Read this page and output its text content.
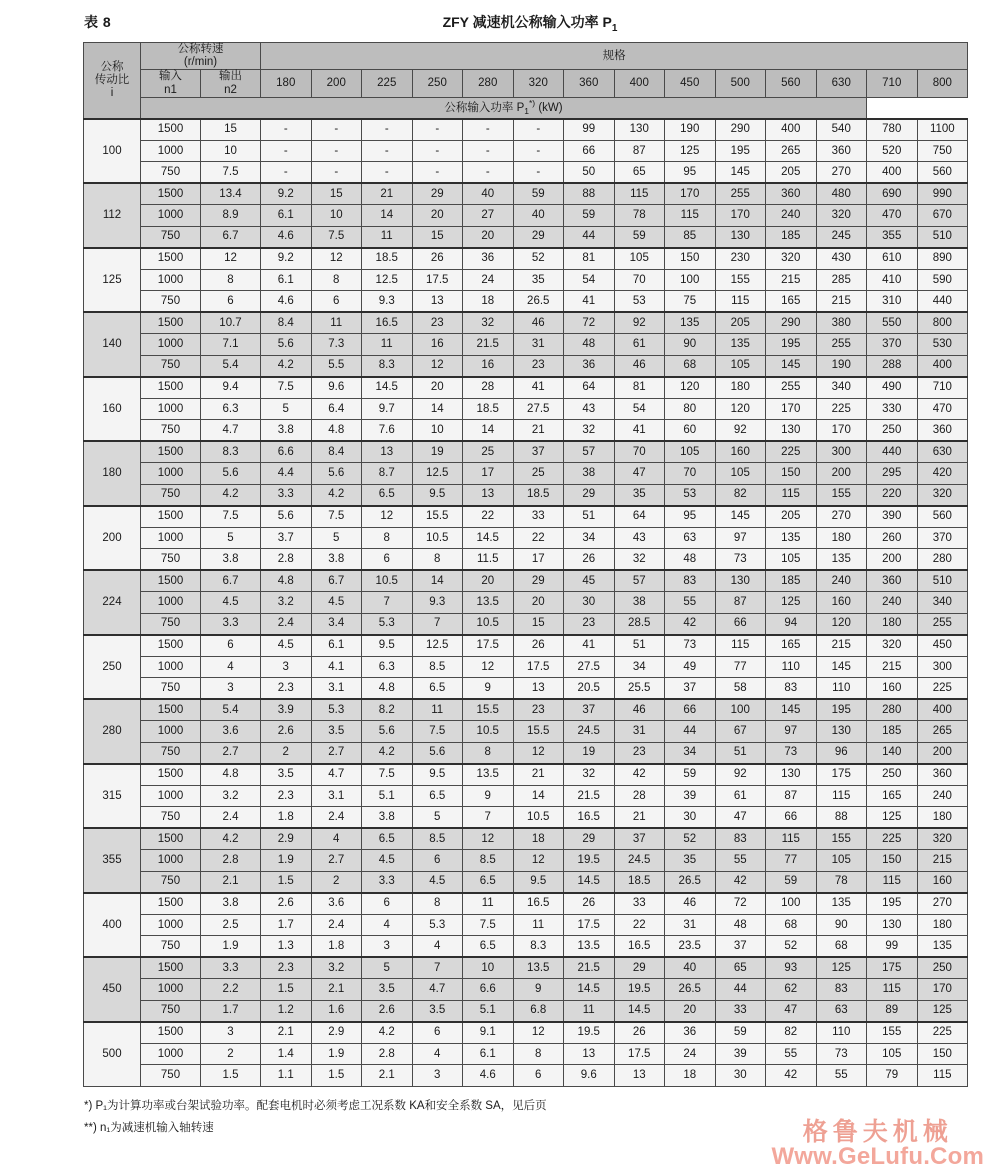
表 8	ZFY 减速机公称输入功率 $P_1$
公称
传动比
i

公称转速
(r/min)
	规格

输入
n1

输出
n2
	180	200	225	250	280	320	360	400	450	500	560	630	710	800
	公称输入功率 $P_1^{*)}$ (kW)															
100	1500	15	-	-	-	-	-	-	99	130	190	290	400	540	780	1100
	1000	10	-	-	-	-	-	-	66	87	125	195	265	360	520	750
	750	7.5	-	-	-	-	-	-	50	65	95	145	205	270	400	560
112	1500	13.4	9.2	15	21	29	40	59	88	115	170	255	360	480	690	990
	1000	8.9	6.1	10	14	20	27	40	59	78	115	170	240	320	470	670
	750	6.7	4.6	7.5	11	15	20	29	44	59	85	130	185	245	355	510
125	1500	12	9.2	12	18.5	26	36	52	81	105	150	230	320	430	610	890
	1000	8	6.1	8	12.5	17.5	24	35	54	70	100	155	215	285	410	590
	750	6	4.6	6	9.3	13	18	26.5	41	53	75	115	165	215	310	440
140	1500	10.7	8.4	11	16.5	23	32	46	72	92	135	205	290	380	550	800
	1000	7.1	5.6	7.3	11	16	21.5	31	48	61	90	135	195	255	370	530
	750	5.4	4.2	5.5	8.3	12	16	23	36	46	68	105	145	190	288	400
160	1500	9.4	7.5	9.6	14.5	20	28	41	64	81	120	180	255	340	490	710
	1000	6.3	5	6.4	9.7	14	18.5	27.5	43	54	80	120	170	225	330	470
	750	4.7	3.8	4.8	7.6	10	14	21	32	41	60	92	130	170	250	360
180	1500	8.3	6.6	8.4	13	19	25	37	57	70	105	160	225	300	440	630
	1000	5.6	4.4	5.6	8.7	12.5	17	25	38	47	70	105	150	200	295	420
	750	4.2	3.3	4.2	6.5	9.5	13	18.5	29	35	53	82	115	155	220	320
200	1500	7.5	5.6	7.5	12	15.5	22	33	51	64	95	145	205	270	390	560
	1000	5	3.7	5	8	10.5	14.5	22	34	43	63	97	135	180	260	370
	750	3.8	2.8	3.8	6	8	11.5	17	26	32	48	73	105	135	200	280
224	1500	6.7	4.8	6.7	10.5	14	20	29	45	57	83	130	185	240	360	510
	1000	4.5	3.2	4.5	7	9.3	13.5	20	30	38	55	87	125	160	240	340
	750	3.3	2.4	3.4	5.3	7	10.5	15	23	28.5	42	66	94	120	180	255
250	1500	6	4.5	6.1	9.5	12.5	17.5	26	41	51	73	115	165	215	320	450
	1000	4	3	4.1	6.3	8.5	12	17.5	27.5	34	49	77	110	145	215	300
	750	3	2.3	3.1	4.8	6.5	9	13	20.5	25.5	37	58	83	110	160	225
280	1500	5.4	3.9	5.3	8.2	11	15.5	23	37	46	66	100	145	195	280	400
	1000	3.6	2.6	3.5	5.6	7.5	10.5	15.5	24.5	31	44	67	97	130	185	265
	750	2.7	2	2.7	4.2	5.6	8	12	19	23	34	51	73	96	140	200
315	1500	4.8	3.5	4.7	7.5	9.5	13.5	21	32	42	59	92	130	175	250	360
	1000	3.2	2.3	3.1	5.1	6.5	9	14	21.5	28	39	61	87	115	165	240
	750	2.4	1.8	2.4	3.8	5	7	10.5	16.5	21	30	47	66	88	125	180
355	1500	4.2	2.9	4	6.5	8.5	12	18	29	37	52	83	115	155	225	320
	1000	2.8	1.9	2.7	4.5	6	8.5	12	19.5	24.5	35	55	77	105	150	215
	750	2.1	1.5	2	3.3	4.5	6.5	9.5	14.5	18.5	26.5	42	59	78	115	160
400	1500	3.8	2.6	3.6	6	8	11	16.5	26	33	46	72	100	135	195	270
	1000	2.5	1.7	2.4	4	5.3	7.5	11	17.5	22	31	48	68	90	130	180
	750	1.9	1.3	1.8	3	4	6.5	8.3	13.5	16.5	23.5	37	52	68	99	135
450	1500	3.3	2.3	3.2	5	7	10	13.5	21.5	29	40	65	93	125	175	250
	1000	2.2	1.5	2.1	3.5	4.7	6.6	9	14.5	19.5	26.5	44	62	83	115	170
	750	1.7	1.2	1.6	2.6	3.5	5.1	6.8	11	14.5	20	33	47	63	89	125
500	1500	3	2.1	2.9	4.2	6	9.1	12	19.5	26	36	59	82	110	155	225
	1000	2	1.4	1.9	2.8	4	6.1	8	13	17.5	24	39	55	73	105	150
	750	1.5	1.1	1.5	2.1	3	4.6	6	9.6	13	18	30	42	55	79	115
*) P₁为计算功率或台架试验功率。配套电机时必须考虑工况系数 KA和安全系数 SA，见后页
**) n₁为减速机输入轴转速	格鲁夫机械
Www.GeLufu.Com
